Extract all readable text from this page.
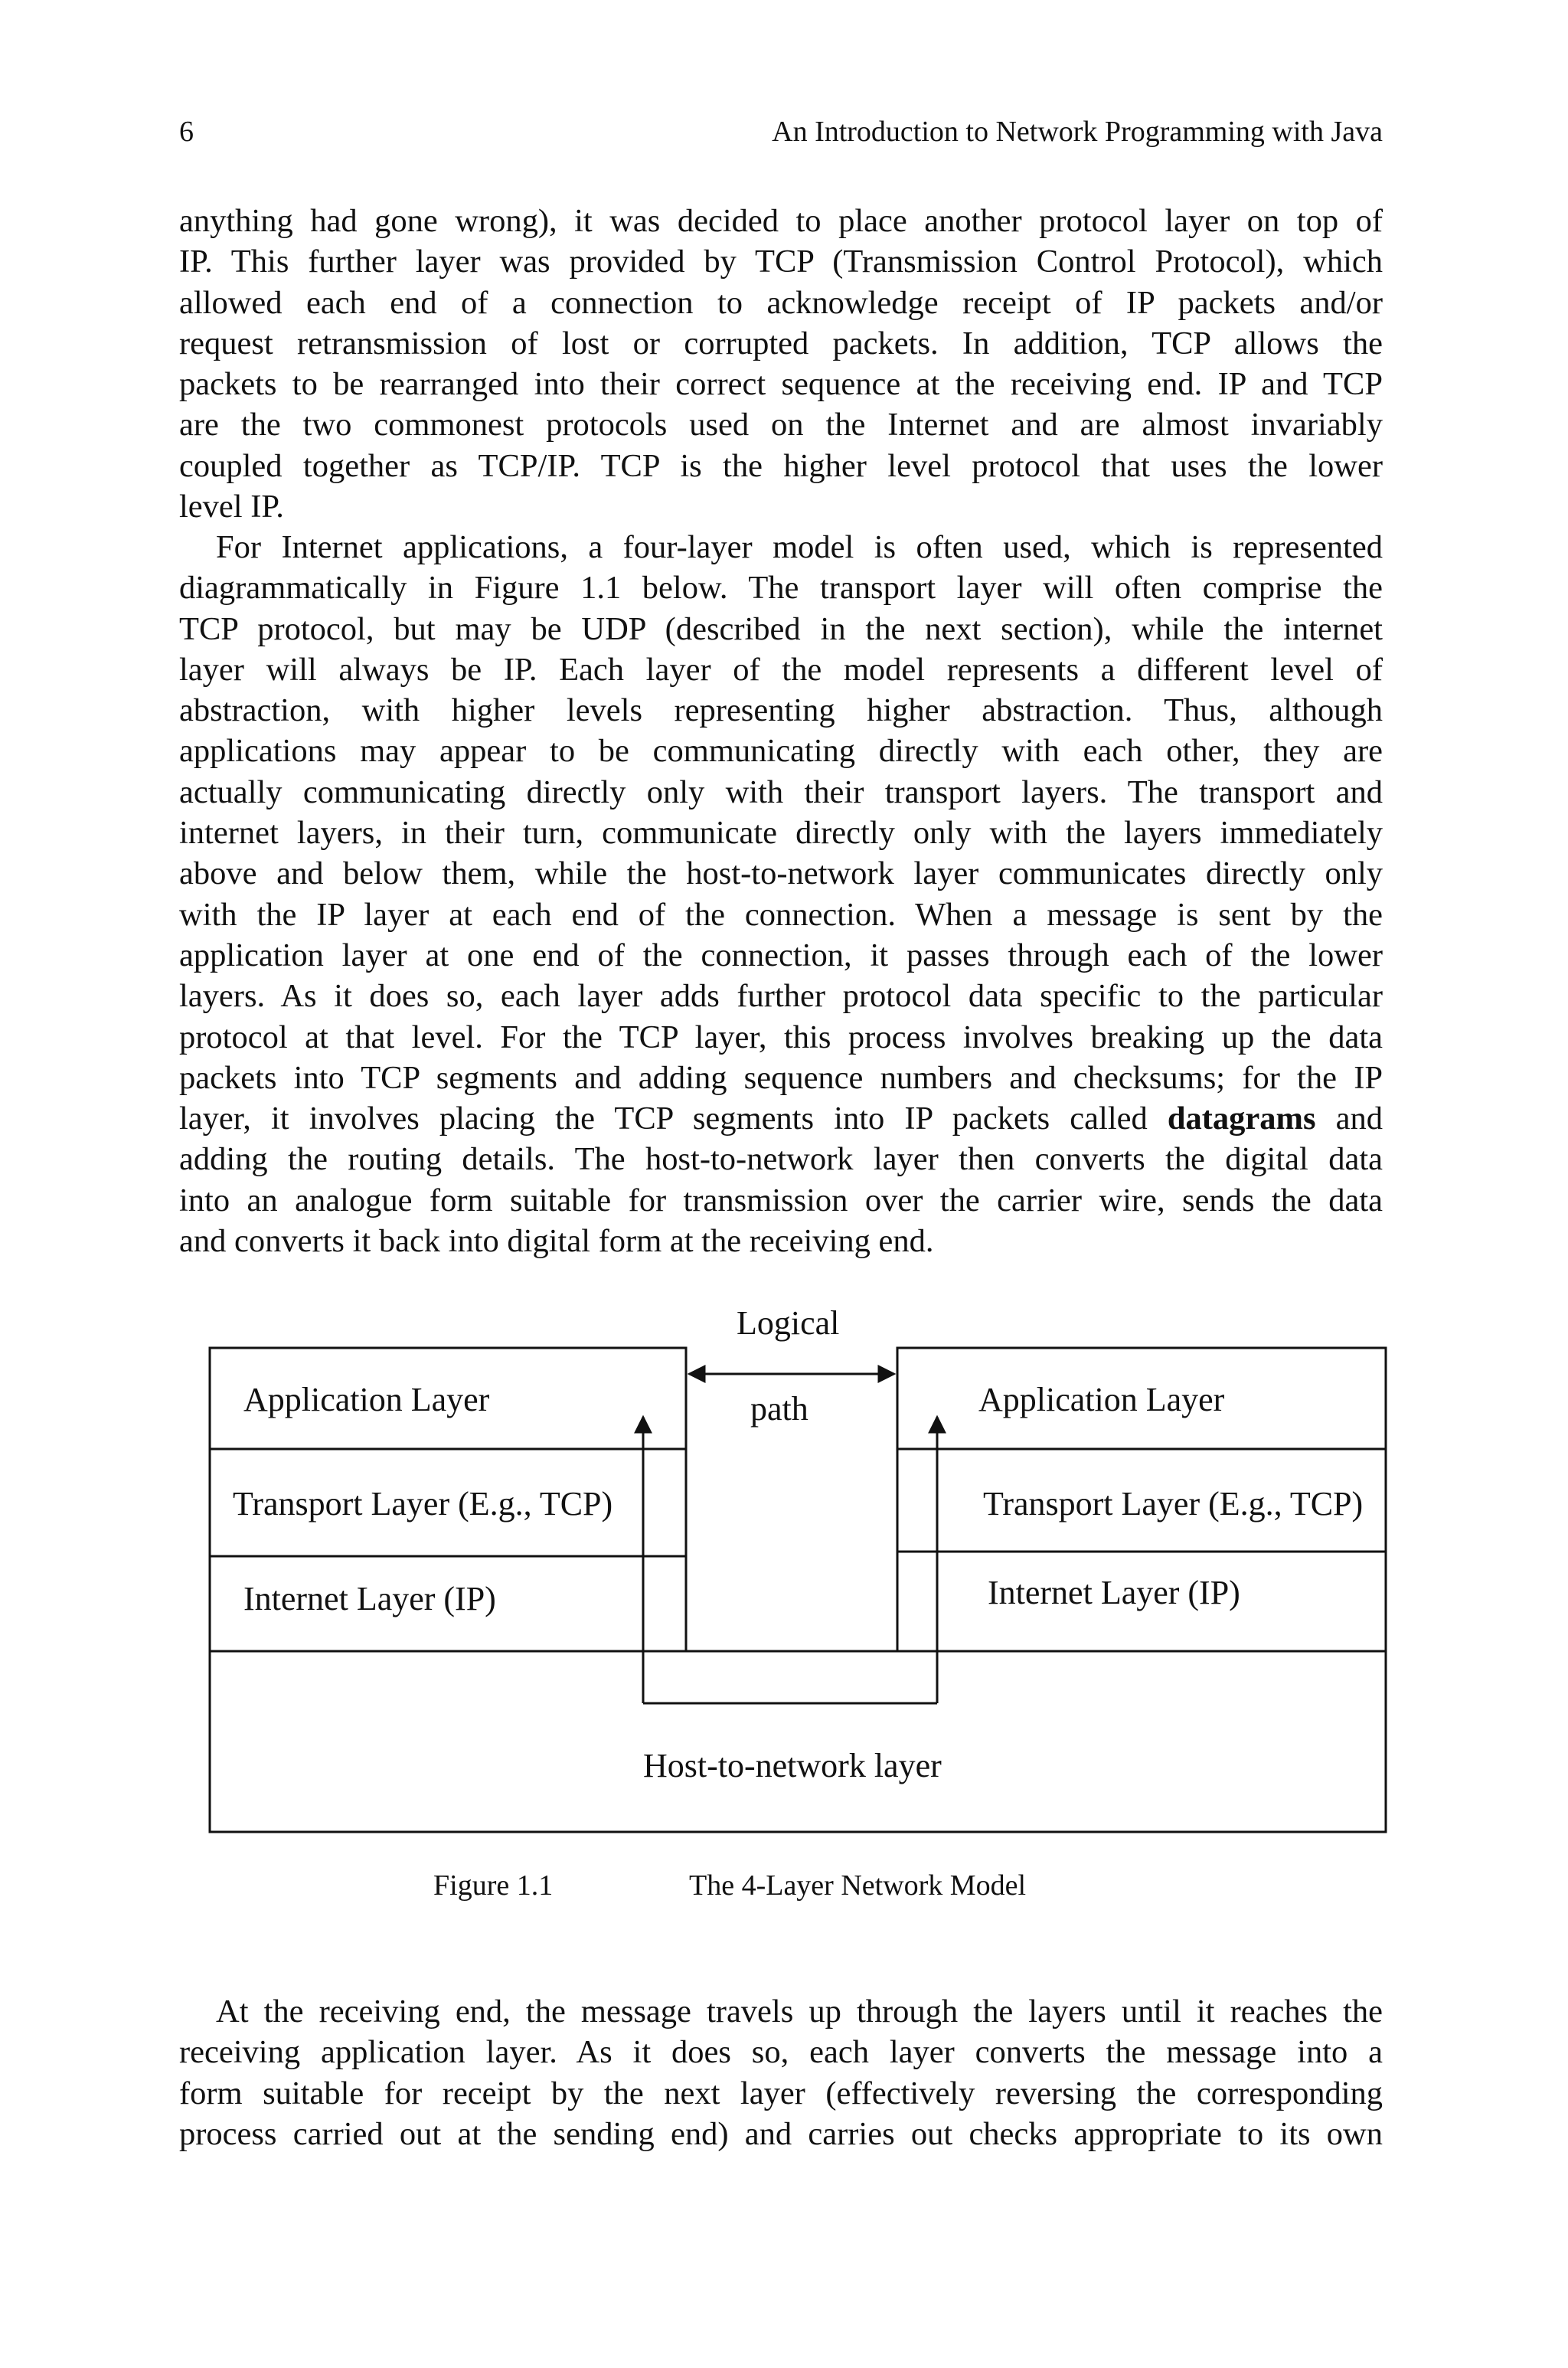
6	An Introduction to Network Programming with Java
anything had gone wrong), it was decided to place another protocol layer on top of
IP. This further layer was provided by TCP (Transmission Control Protocol), which
allowed each end of a connection to acknowledge receipt of IP packets and/or
request retransmission of lost or corrupted packets. In addition, TCP allows the
packets to be rearranged into their correct sequence at the receiving end. IP and TCP
are the two commonest protocols used on the Internet and are almost invariably
coupled together as TCP/IP. TCP is the higher level protocol that uses the lower
level IP.
For Internet applications, a four-layer model is often used, which is represented
diagrammatically in Figure 1.1 below. The transport layer will often comprise the
TCP protocol, but may be UDP (described in the next section), while the internet
layer will always be IP. Each layer of the model represents a different level of
abstraction, with higher levels representing higher abstraction. Thus, although
applications may appear to be communicating directly with each other, they are
actually communicating directly only with their transport layers. The transport and
internet layers, in their turn, communicate directly only with the layers immediately
above and below them, while the host-to-network layer communicates directly only
with the IP layer at each end of the connection. When a message is sent by the
application layer at one end of the connection, it passes through each of the lower
layers. As it does so, each layer adds further protocol data specific to the particular
protocol at that level. For the TCP layer, this process involves breaking up the data
packets into TCP segments and adding sequence numbers and checksums; for the IP
layer, it involves placing the TCP segments into IP packets called datagrams and
adding the routing details. The host-to-network layer then converts the digital data
into an analogue form suitable for transmission over the carrier wire, sends the data
and converts it back into digital form at the receiving end.
Logical
path
Application Layer
Transport Layer (E.g., TCP)
Internet Layer (IP)
Application Layer
Transport Layer (E.g., TCP)
Internet Layer (IP)
Host-to-network layer
Figure 1.1	The 4-Layer Network Model
At the receiving end, the message travels up through the layers until it reaches the
receiving application layer. As it does so, each layer converts the message into a
form suitable for receipt by the next layer (effectively reversing the corresponding
process carried out at the sending end) and carries out checks appropriate to its own
